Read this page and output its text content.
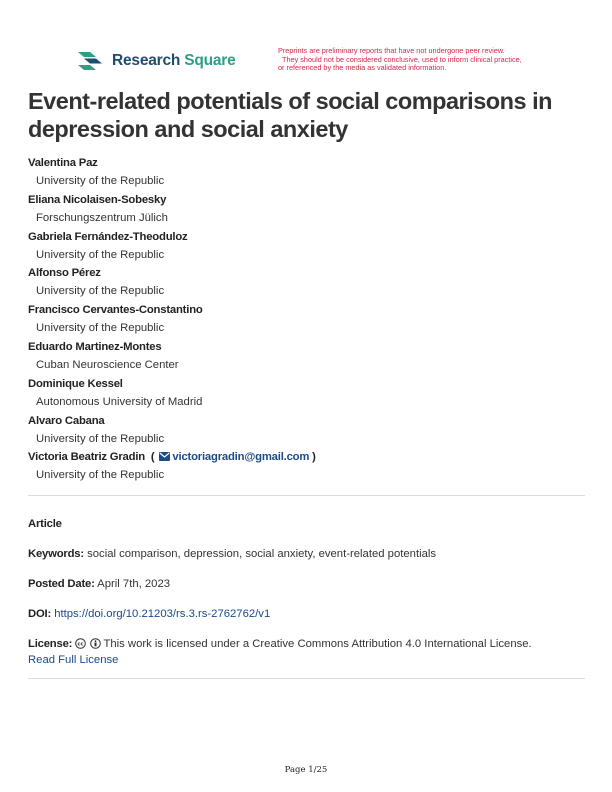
Research Square
Preprints are preliminary reports that have not undergone peer review.
They should not be considered conclusive, used to inform clinical practice,
or referenced by the media as validated information.
Event-related potentials of social comparisons in depression and social anxiety
Valentina Paz
University of the Republic
Eliana Nicolaisen-Sobesky
Forschungszentrum Jülich
Gabriela Fernández-Theoduloz
University of the Republic
Alfonso Pérez
University of the Republic
Francisco Cervantes-Constantino
University of the Republic
Eduardo Martinez-Montes
Cuban Neuroscience Center
Dominique Kessel
Autonomous University of Madrid
Alvaro Cabana
University of the Republic
Victoria Beatriz Gradin ( victoriagradin@gmail.com )
University of the Republic
Article
Keywords: social comparison, depression, social anxiety, event-related potentials
Posted Date: April 7th, 2023
DOI: https://doi.org/10.21203/rs.3.rs-2762762/v1
License: cc This work is licensed under a Creative Commons Attribution 4.0 International License.
Read Full License
Page 1/25
